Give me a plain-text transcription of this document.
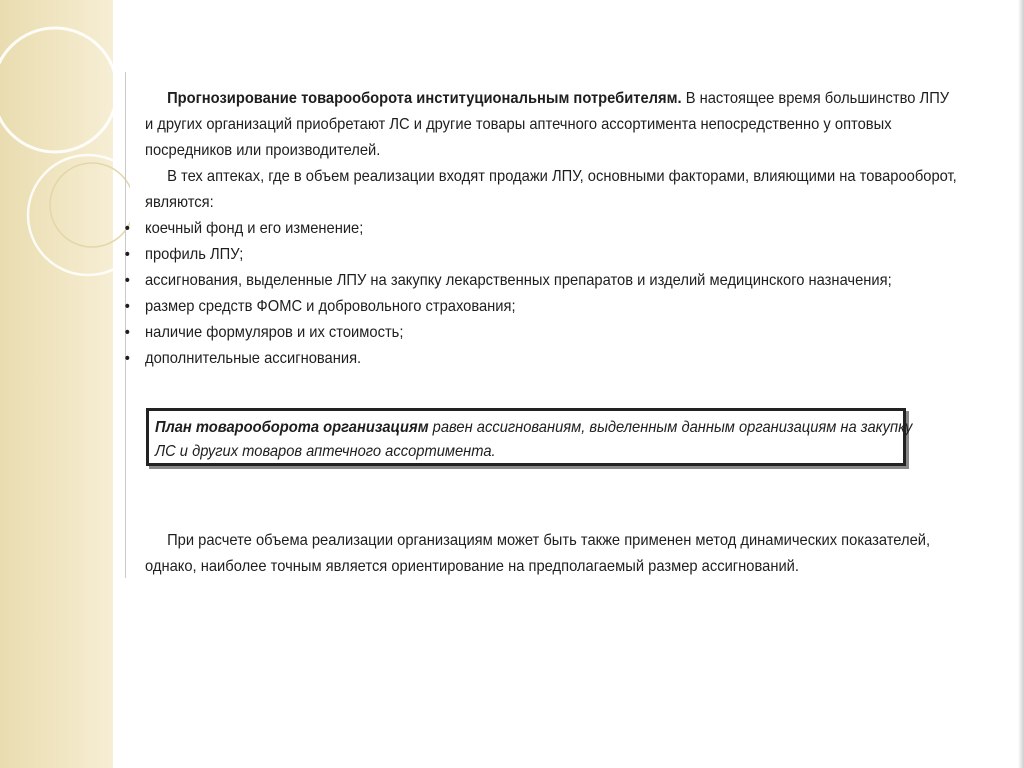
Прогнозирование товарооборота институциональным потребителям. В настоящее время большинство ЛПУ и других организаций приобретают ЛС и другие товары аптечного ассортимента непосредственно у оптовых посредников или производителей.

В тех аптеках, где в объем реализации входят продажи ЛПУ, основными факторами, влияющими на товарооборот, являются:

• коечный фонд и его изменение;
• профиль ЛПУ;
• ассигнования, выделенные ЛПУ на закупку лекарственных препаратов и изделий медицинского назначения;
• размер средств ФОМС и добровольного страхования;
• наличие формуляров и их стоимость;
• дополнительные ассигнования.
План товарооборота организациям равен ассигнованиям, выделенным данным организациям на закупку ЛС и других товаров аптечного ассортимента.

При расчете объема реализации организациям может быть также применен метод динамических показателей, однако, наиболее точным является ориентирование на предполагаемый размер ассигнований.
